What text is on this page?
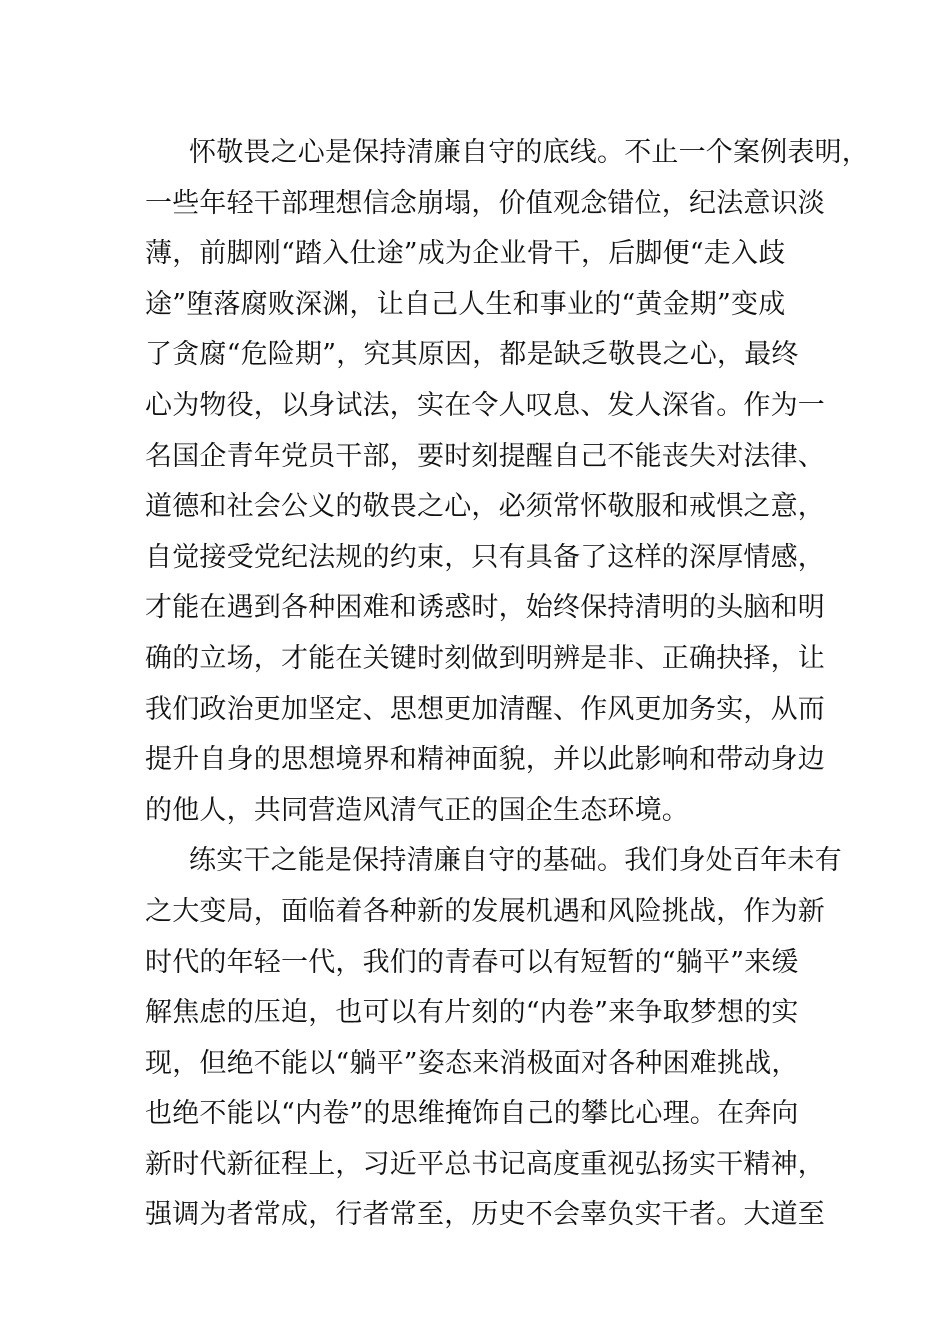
怀敬畏之心是保持清廉自守的底线。不止一个案例表明，
一些年轻干部理想信念崩塌，价值观念错位，纪法意识淡
薄，前脚刚“踏入仕途”成为企业骨干，后脚便“走入歧
途”堕落腐败深渊，让自己人生和事业的“黄金期”变成
了贪腐“危险期”，究其原因，都是缺乏敬畏之心，最终
心为物役，以身试法，实在令人叹息、发人深省。作为一
名国企青年党员干部，要时刻提醒自己不能丧失对法律、
道德和社会公义的敬畏之心，必须常怀敬服和戒惧之意，
自觉接受党纪法规的约束，只有具备了这样的深厚情感，
才能在遇到各种困难和诱惑时，始终保持清明的头脑和明
确的立场，才能在关键时刻做到明辨是非、正确抉择，让
我们政治更加坚定、思想更加清醒、作风更加务实，从而
提升自身的思想境界和精神面貌，并以此影响和带动身边
的他人，共同营造风清气正的国企生态环境。
练实干之能是保持清廉自守的基础。我们身处百年未有
之大变局，面临着各种新的发展机遇和风险挑战，作为新
时代的年轻一代，我们的青春可以有短暂的“躺平”来缓
解焦虑的压迫，也可以有片刻的“内卷”来争取梦想的实
现，但绝不能以“躺平”姿态来消极面对各种困难挑战，
也绝不能以“内卷”的思维掩饰自己的攀比心理。在奔向
新时代新征程上，习近平总书记高度重视弘扬实干精神，
强调为者常成，行者常至，历史不会辜负实干者。大道至
